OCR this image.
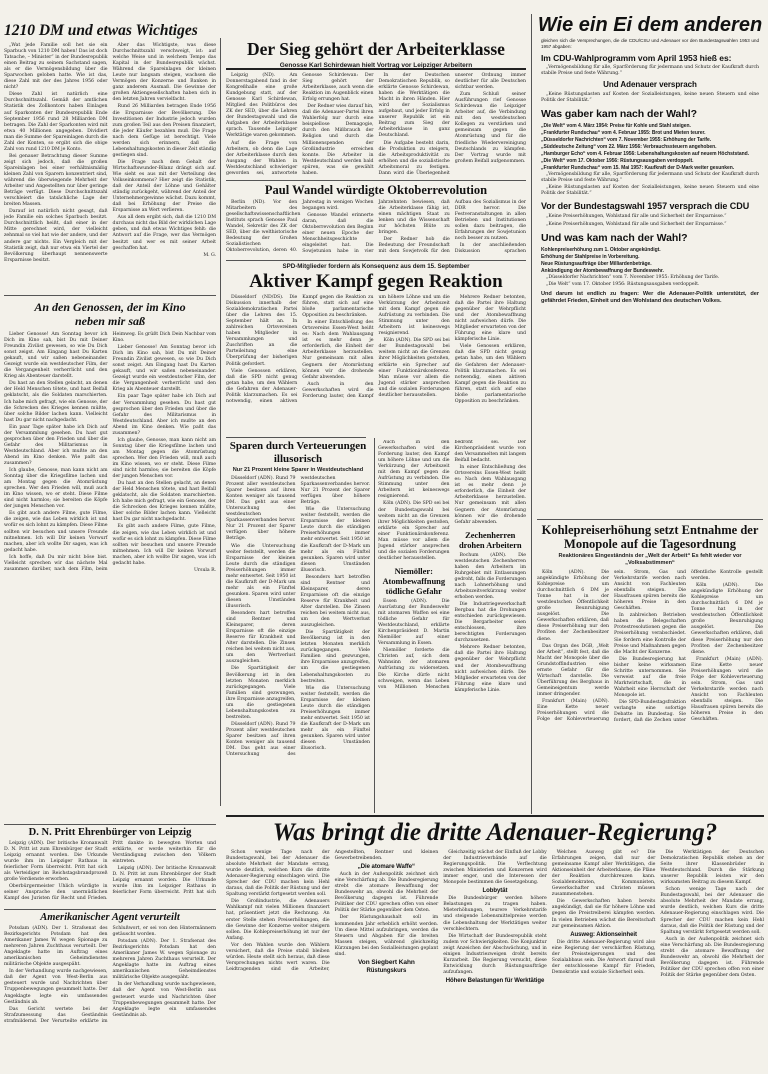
1210 DM und etwas Wichtiges

„Wat jede Familie soll het sie ein Sparbuch von 1210 DM haben! Das ist doch Tatsache, – Minister“ in der Bundesrepublik einen Beitrag zu seinem Sachstand sagen, als er die Vermögensbildung über die Sparwochen geloben hatte. Wie ist das, diese Zahl mit der des Jahres 1956 oder nicht?

Diese Zahl ist natürlich eine Durchschnittszahl. Gemäß der amtlichen Statistik des Zollkontors haben Einlagen auf Sparkonten der Bundesrepublik Ende September 1956 rund 28 Milliarden DM betragen. Die Zahl der Sparkonten wird mit etwa 40 Millionen angegeben. Dividiert man die Summe der Spareinlagen durch die Zahl der Konten, so ergibt sich die obige Zahl von rund 1210 DM je Konto.

Bei genauer Betrachtung dieser Summe zeigt sich jedoch, daß die großen Spareinlagen bei einer verhältnismäßig kleinen Zahl von Sparern konzentriert sind, während die überwiegende Mehrheit der Arbeiter und Angestellten nur über geringe Beträge verfügt. Diese Durchschnittszahl verschleiert die tatsächliche Lage der breiten Massen.

Darauf ist natürlich nicht gesagt, daß jede Familie ein solches Sparbuch besitzt. Durchschnittlich heißt, daß einer in der Mitte gerechnet wird, der vielleicht zehnmal so viel hat wie der andere, und der andere gar nichts. Ein Vergleich mit der Statistik zeigt, daß nur etwa ein Viertel der Bevölkerung überhaupt nennenswerte Ersparnisse besitzt.

Aber das Wichtigste, was diese Durchschnittszahl verschweigt, ist: auf welche Weise und in welchem Tempo das Kapital in der Bundesrepublik wächst. Während die Spareinlagen der kleinen Leute nur langsam steigen, wachsen die Vermögen der Konzerne und Banken in ganz anderem Ausmaß. Die Gewinne der großen Aktiengesellschaften haben sich in den letzten Jahren vervielfacht.

Rund 26 Milliarden betragen Ende 1956 die Ersparnisse der Bevölkerung. Die Investitionen der Industrie jedoch wurden zum großen Teil aus den Preisen finanziert, die jeder Käufer bezahlen muß. Die Frage nach dem Gefüge ist berechtigt. Viele werden sich erinnern, daß die Lebenshaltungskosten in dieser Zeit ständig gestiegen sind.

Die Frage nach dem Gehalt der Wirtschaftswunder-Bilanz drängt sich auf. Wie sieht es aus mit der Verteilung des Volkseinkommens? Hier zeigt die Statistik, daß der Anteil der Löhne und Gehälter ständig zurückgeht, während der Anteil der Unternehmergewinne wächst. Dazu kommt, daß bei Erhöhung der Preise die Ersparnisse an Wert verlieren.

Aus all dem ergibt sich, daß die 1210 DM durchaus nicht das Bild der wirklichen Lage geben, und daß etwas Wichtiges fehlt: die Antwort auf die Frage, wer das Vermögen besitzt und wer es mit seiner Arbeit geschaffen hat.

M. G.

An den Genossen, der im Kino neben mir saß

Lieber Genosse! Am Sonntag bevor ich Dich im Kino sah, bist Du mit Deiner Freundin Zivilist gewesen, so wie Du Dich sonst zeigst. Am Eingang hast Du Karten gekauft, und wir saßen nebeneinander. Gezeigt wurde ein westdeutscher Film, der die Vergangenheit verherrlicht und den Krieg als Abenteuer darstellt.

Du hast an den Stellen gelacht, an denen der Held Menschen tötete, und hast Beifall geklatscht, als die Soldaten marschierten. Ich habe mich gefragt, wie ein Genosse, der die Schrecken des Krieges kennen müßte, über solche Bilder lachen kann. Vielleicht hast Du gar nicht nachgedacht.

Ein paar Tage später habe ich Dich auf der Versammlung gesehen. Du hast gut gesprochen über den Frieden und über die Gefahr des Militarismus in Westdeutschland. Aber ich mußte an den Abend im Kino denken. Wie paßt das zusammen?

Ich glaube, Genosse, man kann nicht am Sonntag über die Kriegsfilme lachen und am Montag gegen die Atomrüstung sprechen. Wer den Frieden will, muß auch im Kino wissen, wo er steht. Diese Filme sind nicht harmlos; sie bereiten die Köpfe der jungen Menschen vor.

Es gibt auch andere Filme, gute Filme, die zeigen, wie das Leben wirklich ist und wofür es sich lohnt zu kämpfen. Diese Filme sollten wir besuchen und unsere Freunde mitnehmen. Ich will Dir keinen Vorwurf machen, aber ich wollte Dir sagen, was ich gedacht habe.

Ich hoffe, daß Du mir nicht böse bist. Vielleicht sprechen wir das nächste Mal zusammen darüber, nach dem Film, beim Heimweg. Es grüßt Dich Dein Nachbar vom Kino.

Lieber Genosse! Am Sonntag bevor ich Dich im Kino sah, bist Du mit Deiner Freundin Zivilist gewesen, so wie Du Dich sonst zeigst. Am Eingang hast Du Karten gekauft, und wir saßen nebeneinander. Gezeigt wurde ein westdeutscher Film, der die Vergangenheit verherrlicht und den Krieg als Abenteuer darstellt.

Ein paar Tage später habe ich Dich auf der Versammlung gesehen. Du hast gut gesprochen über den Frieden und über die Gefahr des Militarismus in Westdeutschland. Aber ich mußte an den Abend im Kino denken. Wie paßt das zusammen?

Ich glaube, Genosse, man kann nicht am Sonntag über die Kriegsfilme lachen und am Montag gegen die Atomrüstung sprechen. Wer den Frieden will, muß auch im Kino wissen, wo er steht. Diese Filme sind nicht harmlos; sie bereiten die Köpfe der jungen Menschen vor.

Du hast an den Stellen gelacht, an denen der Held Menschen tötete, und hast Beifall geklatscht, als die Soldaten marschierten. Ich habe mich gefragt, wie ein Genosse, der die Schrecken des Krieges kennen müßte, über solche Bilder lachen kann. Vielleicht hast Du gar nicht nachgedacht.

Es gibt auch andere Filme, gute Filme, die zeigen, wie das Leben wirklich ist und wofür es sich lohnt zu kämpfen. Diese Filme sollten wir besuchen und unsere Freunde mitnehmen. Ich will Dir keinen Vorwurf machen, aber ich wollte Dir sagen, was ich gedacht habe.

Ursula R.

D. N. Pritt Ehrenbürger von Leipzig

Leipzig (ADN). Der britische Kronanwalt D. N. Pritt ist zum Ehrenbürger der Stadt Leipzig ernannt worden. Die Urkunde wurde ihm im Leipziger Rathaus in feierlicher Form überreicht. Pritt hat sich als Verteidiger im Reichstagsbrandprozeß große Verdienste erworben.

Oberbürgermeister Uhlich würdigte in seiner Ansprache den unermüdlichen Kampf des Juristen für Recht und Frieden. Pritt dankte in bewegten Worten und erklärte, er werde weiterhin für die Verständigung zwischen den Völkern eintreten.

Leipzig (ADN). Der britische Kronanwalt D. N. Pritt ist zum Ehrenbürger der Stadt Leipzig ernannt worden. Die Urkunde wurde ihm im Leipziger Rathaus in feierlicher Form überreicht. Pritt hat sich

Amerikanischer Agent verurteilt

Potsdam (ADN). Der 1. Strafsenat des Bezirksgerichts Potsdam hat den Amerikaner James W. wegen Spionage zu mehreren Jahren Zuchthaus verurteilt. Der Angeklagte hatte im Auftrag eines amerikanischen Geheimdienstes militärische Objekte ausgespäht.

In der Verhandlung wurde nachgewiesen, daß der Agent von West-Berlin aus gesteuert wurde und Nachrichten über Truppenbewegungen gesammelt hatte. Der Angeklagte legte ein umfassendes Geständnis ab.

Das Gericht wertete bei der Strafzumessung das Geständnis strafmildernd. Der Verurteilte erklärte im Schlußwort, er sei von den Hintermännern getäuscht worden.

Potsdam (ADN). Der 1. Strafsenat des Bezirksgerichts Potsdam hat den Amerikaner James W. wegen Spionage zu mehreren Jahren Zuchthaus verurteilt. Der Angeklagte hatte im Auftrag eines amerikanischen Geheimdienstes militärische Objekte ausgespäht.

In der Verhandlung wurde nachgewiesen, daß der Agent von West-Berlin aus gesteuert wurde und Nachrichten über Truppenbewegungen gesammelt hatte. Der Angeklagte legte ein umfassendes Geständnis ab.

Der Sieg gehört der Arbeiterklasse

Genosse Karl Schirdewan hielt Vortrag vor Leipziger Arbeitern

Leipzig (ND). Am Donnerstagabend fand in der Kongreßhalle eine große Kundgebung statt, auf der Genosse Karl Schirdewan, Mitglied des Politbüros des ZK der SED, über die Lehren der Bundestagswahl und die Aufgaben der Arbeiterklasse sprach. Tausende Leipziger Werktätige waren gekommen.

Auf die Frage von Arbeitern, ob denn die Lage der Arbeiterklasse durch den Ausgang der Wahlen in Westdeutschland schwieriger geworden sei, antwortete Genosse Schirdewan: Der Sieg gehört der Arbeiterklasse, auch wenn die Reaktion im Augenblick einen Erfolg errungen hat.

Der Redner wies darauf hin, daß die Adenauer-Partei ihren Wahlerfolg nur durch eine beispiellose Demagogie, durch den Mißbrauch der Religion und durch die Millionenspenden der Großindustrie erreichen konnte. Die Arbeiter in Westdeutschland werden bald spüren, was sie gewählt haben.

In der Deutschen Demokratischen Republik, so erklärte Genosse Schirdewan, haben die Werktätigen die Macht in ihren Händen. Hier wird der Sozialismus aufgebaut, und jeder Erfolg in unserer Republik ist ein Beitrag zum Sieg der Arbeiterklasse in ganz Deutschland.

Die Aufgabe besteht darin, die Produktion zu steigern, die Arbeitsproduktivität zu erhöhen und die sozialistische Arbeitsmoral zu festigen. Dann wird die Überlegenheit unserer Ordnung immer deutlicher für alle Deutschen sichtbar werden.

Zum Schluß seiner Ausführungen rief Genosse Schirdewan die Leipziger Arbeiter auf, die Verbindung mit den westdeutschen Kollegen zu verstärken und gemeinsam gegen die Atomrüstung und für die friedliche Wiedervereinigung Deutschlands zu kämpfen. Der Vortrag wurde mit großem Beifall aufgenommen.

Paul Wandel würdigte Oktoberrevolution

Berlin (ND). Vor den Mitarbeitern des gesellschaftswissenschaftlichen Instituts sprach Genosse Paul Wandel, Sekretär des ZK der SED, über die welthistorische Bedeutung der Großen Sozialistischen Oktoberrevolution, deren 40. Jahrestag in wenigen Wochen begangen wird.

Genosse Wandel erinnerte daran, daß die Oktoberrevolution den Beginn einer neuen Epoche der Menschheitsgeschichte eingeleitet hat. Die Sowjetunion habe in vier Jahrzehnten bewiesen, daß die Arbeiterklasse fähig ist, einen mächtigen Staat zu lenken und die Wissenschaft zur höchsten Blüte zu bringen.

Der Redner hob die Bedeutung der Freundschaft mit dem Sowjetvolk für den Aufbau des Sozialismus in der DDR hervor. Die Festveranstaltungen in allen Betrieben und Institutionen sollen dazu beitragen, die Erfahrungen der Sowjetunion noch besser zu nutzen.

In der anschließenden Diskussion sprachen

SPD-Mitglieder fordern als Konsequenz aus dem 15. September

Aktiver Kampf gegen Reaktion

Düsseldorf (ND/DS). Die Diskussion innerhalb der Sozialdemokratischen Partei über die Lehren des 15. September hält an. In zahlreichen Ortsvereinen haben Mitglieder in Versammlungen und Zuschriften an die Parteileitung eine Überprüfung der bisherigen Politik gefordert.

Viele Genossen erklären, daß die SPD nicht genug getan habe, um den Wählern die Gefahren der Adenauer-Politik klarzumachen. Es sei notwendig, einen aktiven Kampf gegen die Reaktion zu führen, statt sich auf eine bloße parlamentarische Opposition zu beschränken.

In einer Entschließung des Ortsvereins Essen-West heißt es: Nach dem Wahlausgang ist es mehr denn je erforderlich, die Einheit der Arbeiterklasse herzustellen. Nur gemeinsam mit allen Gegnern der Atomrüstung können wir die drohende Gefahr abwenden.

Auch in den Gewerkschaften wird die Forderung lauter, den Kampf um höhere Löhne und um die Verkürzung der Arbeitszeit mit dem Kampf gegen die Aufrüstung zu verbinden. Die Stimmung unter den Arbeitern ist keineswegs resignierend.

Köln (ADN). Die SPD sei bei der Bundestagswahl bei weitem nicht an die Grenzen ihrer Möglichkeiten gestoßen, erklärte ein Sprecher auf einer Funktionärskonferenz. Man müsse vor allem die Jugend stärker ansprechen und die sozialen Forderungen deutlicher herausstellen.

Mehrere Redner betonten, daß die Partei ihre Haltung gegenüber der Wehrpflicht und der Atombewaffnung nicht aufweichen dürfe. Die Mitglieder erwarteten von der Führung eine klare und kämpferische Linie.

Viele Genossen erklären, daß die SPD nicht genug getan habe, um den Wählern die Gefahren der Adenauer-Politik klarzumachen. Es sei notwendig, einen aktiven Kampf gegen die Reaktion zu führen, statt sich auf eine bloße parlamentarische Opposition zu beschränken.

Sparen durch Verteuerungen illusorisch

Nur 21 Prozent kleine Sparer in Westdeutschland

Düsseldorf (ADN). Rund 79 Prozent aller westdeutschen Sparer besitzen auf ihren Konten weniger als tausend DM. Das geht aus einer Untersuchung des westdeutschen Sparkassenverbandes hervor. Nur 21 Prozent der Sparer verfügen über höhere Beträge.

Wie die Untersuchung weiter feststellt, werden die Ersparnisse der kleinen Leute durch die ständigen Preiserhöhungen immer mehr entwertet. Seit 1950 ist die Kaufkraft der D-Mark um mehr als ein Fünftel gesunken. Sparen wird unter diesen Umständen illusorisch.

Besonders hart betroffen sind Rentner und Kleinsparer, deren Ersparnisse oft die einzige Reserve für Krankheit und Alter darstellen. Die Zinsen reichen bei weitem nicht aus, um den Wertverlust auszugleichen.

Die Spartätigkeit der Bevölkerung ist in den letzten Monaten merklich zurückgegangen. Viele Familien sind gezwungen, ihre Ersparnisse anzugreifen, um die gestiegenen Lebenshaltungskosten zu bestreiten.

Düsseldorf (ADN). Rund 79 Prozent aller westdeutschen Sparer besitzen auf ihren Konten weniger als tausend DM. Das geht aus einer Untersuchung des westdeutschen Sparkassenverbandes hervor. Nur 21 Prozent der Sparer verfügen über höhere Beträge.

Wie die Untersuchung weiter feststellt, werden die Ersparnisse der kleinen Leute durch die ständigen Preiserhöhungen immer mehr entwertet. Seit 1950 ist die Kaufkraft der D-Mark um mehr als ein Fünftel gesunken. Sparen wird unter diesen Umständen illusorisch.

Besonders hart betroffen sind Rentner und Kleinsparer, deren Ersparnisse oft die einzige Reserve für Krankheit und Alter darstellen. Die Zinsen reichen bei weitem nicht aus, um den Wertverlust auszugleichen.

Die Spartätigkeit der Bevölkerung ist in den letzten Monaten merklich zurückgegangen. Viele Familien sind gezwungen, ihre Ersparnisse anzugreifen, um die gestiegenen Lebenshaltungskosten zu bestreiten.

Wie die Untersuchung weiter feststellt, werden die Ersparnisse der kleinen Leute durch die ständigen Preiserhöhungen immer mehr entwertet. Seit 1950 ist die Kaufkraft der D-Mark um mehr als ein Fünftel gesunken. Sparen wird unter diesen Umständen illusorisch.

Auch in den Gewerkschaften wird die Forderung lauter, den Kampf um höhere Löhne und um die Verkürzung der Arbeitszeit mit dem Kampf gegen die Aufrüstung zu verbinden. Die Stimmung unter den Arbeitern ist keineswegs resignierend.

Köln (ADN). Die SPD sei bei der Bundestagswahl bei weitem nicht an die Grenzen ihrer Möglichkeiten gestoßen, erklärte ein Sprecher auf einer Funktionärskonferenz. Man müsse vor allem die Jugend stärker ansprechen und die sozialen Forderungen deutlicher herausstellen.

Niemöller: Atombewaffnung tödliche Gefahr

Essen (ADN). Die Ausrüstung der Bundeswehr mit atomaren Waffen sei eine tödliche Gefahr für Westdeutschland, erklärte Kirchenpräsident D. Martin Niemöller auf einer Versammlung in Essen.

Niemöller forderte die Christen auf, sich dem Wahnsinn der atomaren Aufrüstung zu widersetzen. Die Kirche dürfe nicht schweigen, wenn das Leben von Millionen Menschen bedroht sei. Der Kirchenpräsident wurde von den Versammelten mit langem Beifall bedacht.

In einer Entschließung des Ortsvereins Essen-West heißt es: Nach dem Wahlausgang ist es mehr denn je erforderlich, die Einheit der Arbeiterklasse herzustellen. Nur gemeinsam mit allen Gegnern der Atomrüstung können wir die drohende Gefahr abwenden.

Zechenherren drohen Arbeitern

Bochum (ADN). Die westdeutschen Zechenherren haben den Arbeitern im Ruhrgebiet mit Entlassungen gedroht, falls die Forderungen nach Lohnerhöhung und Arbeitszeitverkürzung weiter erhoben werden.

Die Industriegewerkschaft Bergbau hat die Drohungen entschieden zurückgewiesen. Die Bergarbeiter seien entschlossen, ihre berechtigten Forderungen durchzusetzen.

Mehrere Redner betonten, daß die Partei ihre Haltung gegenüber der Wehrpflicht und der Atombewaffnung nicht aufweichen dürfe. Die Mitglieder erwarteten von der Führung eine klare und kämpferische Linie.

Wie ein Ei dem anderen

gleichen sich die Versprechungen, die die CDU/CSU und Adenauer vor den Bundestagswahlen 1953 und 1957 abgaben:

Im CDU-Wahlprogramm vom April 1953 hieß es:

„Vermögensbildung für alle, Sparförderung für jedermann und Schutz der Kaufkraft durch stabile Preise und feste Währung.“

Und Adenauer versprach

„Keine Rüstungslasten auf Kosten der Sozialleistungen, keine neuen Steuern und eine Politik der Stabilität.“

Was gaber kam nach der Wahl?

„Die Welt“ vom 4. März 1954: Preise für Kohle und Stahl steigen.

„Frankfurter Rundschau“ vom 4. Februar 1955: Brot und Mieten teurer.

„Düsseldorfer Nachrichten“ vom 7. November 1955: Erhöhung der Tarife.

„Süddeutsche Zeitung“ vom 22. März 1956: Verbrauchssteuern angehoben.

„Hamburger Echo“ vom 4. Februar 1956: Lebenshaltungskosten auf neuem Höchststand.

„Die Welt“ vom 17. Oktober 1956: Rüstungsausgaben verdoppelt.

„Frankfurter Rundschau“ vom 15. Mai 1957: Kaufkraft der D-Mark weiter gesunken.

„Vermögensbildung für alle, Sparförderung für jedermann und Schutz der Kaufkraft durch stabile Preise und feste Währung.“

„Keine Rüstungslasten auf Kosten der Sozialleistungen, keine neuen Steuern und eine Politik der Stabilität.“

Vor der Bundestagswahl 1957 versprach die CDU

„Keine Preiserhöhungen, Wohlstand für alle und Sicherheit der Ersparnisse.“

„Keine Preiserhöhungen, Wohlstand für alle und Sicherheit der Ersparnisse.“

Und was kam nach der Wahl?

Kohlenpreiserhöhung zum 1. Oktober angekündigt.

Erhöhung der Stahlpreise in Vorbereitung.

Neue Rüstungsaufträge über Milliardenbeträge.

Ankündigung der Atombewaffnung der Bundeswehr.

„Düsseldorfer Nachrichten“ vom 7. November 1955: Erhöhung der Tarife.

„Die Welt“ vom 17. Oktober 1956: Rüstungsausgaben verdoppelt.

Und darum ist endlich zu fragen: Wer die Adenauer-Politik unterstützt, der gefährdet Frieden, Einheit und den Wohlstand des deutschen Volkes.

Kohlepreiserhöhung setzt Entnahme der Monopole auf die Tagesordnung

Reaktionäres Eingeständnis der „Welt der Arbeit“ Es fehlt wieder vor „Volksabstimmen“

Köln (ADN). Die angekündigte Erhöhung der Kohlepreise um durchschnittlich 6 DM je Tonne hat in der westdeutschen Öffentlichkeit große Beunruhigung ausgelöst. Die Gewerkschaften erklären, daß diese Preiserhöhung nur den Profiten der Zechenbesitzer diene.

Das Organ des DGB, „Welt der Arbeit“, stellt fest, daß die Macht der Monopole über die Grundstoffindustrien eine ernste Gefahr für die Wirtschaft darstelle. Die Überführung des Bergbaus in Gemeineigentum werde immer dringender.

Frankfurt (Main) (ADN). Eine Kette neuer Preiserhöhungen wird die Folge der Kohleverteuerung sein. Strom, Gas und Verkehrstarife werden nach Ansicht von Fachleuten ebenfalls steigen. Die Hausfrauen spüren bereits die höheren Preise in den Geschäften.

In zahlreichen Betrieben haben die Belegschaften Protestresolutionen gegen die Preiserhöhung verabschiedet. Sie fordern eine Kontrolle der Preise und Maßnahmen gegen die Macht der Konzerne.

Die Bundesregierung hat bisher keine wirksamen Schritte unternommen. Sie verweist auf die freie Marktwirtschaft, die in Wahrheit eine Herrschaft der Monopole ist.

Die SPD-Bundestagsfraktion verlangte eine sofortige Debatte im Bundestag. Sie fordert, daß die Zechen unter öffentliche Kontrolle gestellt werden.

Köln (ADN). Die angekündigte Erhöhung der Kohlepreise um durchschnittlich 6 DM je Tonne hat in der westdeutschen Öffentlichkeit große Beunruhigung ausgelöst. Die Gewerkschaften erklären, daß diese Preiserhöhung nur den Profiten der Zechenbesitzer diene.

Frankfurt (Main) (ADN). Eine Kette neuer Preiserhöhungen wird die Folge der Kohleverteuerung sein. Strom, Gas und Verkehrstarife werden nach Ansicht von Fachleuten ebenfalls steigen. Die Hausfrauen spüren bereits die höheren Preise in den Geschäften.

Was bringt die dritte Adenauer-Regierung?

Schon wenige Tage nach der Bundestagswahl, bei der Adenauer die absolute Mehrheit der Mandate errang, wurde deutlich, welchen Kurs die dritte Adenauer-Regierung einschlagen wird. Die Sprecher der CDU machen kein Hehl daraus, daß die Politik der Rüstung und der Spaltung verstärkt fortgesetzt werden soll.

Die Großindustrie, die Adenauers Wahlkampf mit vielen Millionen finanziert hat, präsentiert jetzt die Rechnung. An erster Stelle stehen Preiserhöhungen, die die Gewinne der Konzerne weiter steigern sollen. Die Kohlepreiserhöhung ist nur der Anfang.

Vor den Wahlen wurde den Wählern versichert, daß die Preise stabil bleiben würden. Heute stellt sich heraus, daß diese Versprechungen nichts wert waren. Die Leidtragenden sind die Arbeiter, Angestellten, Rentner und kleinen Gewerbetreibenden.

„Die atomare Waffe“

Auch in der Außenpolitik zeichnet sich eine Verschärfung ab. Die Bundesregierung strebt die atomare Bewaffnung der Bundeswehr an, obwohl die Mehrheit der Bevölkerung dagegen ist. Führende Politiker der CDU sprechen offen von einer Politik der Stärke gegenüber dem Osten.

Der Rüstungshaushalt soll im kommenden Jahr erheblich erhöht werden. Um diese Mittel aufzubringen, werden die Steuern und Abgaben für die breiten Massen steigen, während gleichzeitig Kürzungen bei den Sozialleistungen geplant sind.

Von Siegbert Kahn

Rüstungskurs

Gleichzeitig wächst der Einfluß der Lobby der Industrieverbände auf die Regierungspolitik. Die Verflechtung zwischen Ministerien und Konzernen wird immer enger, und die Interessen der Monopole bestimmen die Gesetzgebung.

Lobbytät

Die Bundesbürger werden höhere Belastungen zu tragen haben. Mieterhöhungen, teurere Verkehrstarife und steigende Lebensmittelpreise werden die Lebenshaltung der Werktätigen weiter verschlechtern.

Die Wirtschaft der Bundesrepublik steht zudem vor Schwierigkeiten. Die Konjunktur zeigt Anzeichen der Abschwächung, und in einigen Industriezweigen droht bereits Kurzarbeit. Die Regierung versucht, diese Entwicklung durch Rüstungsaufträge aufzufangen.

Höhere Belastungen für Werktätige

Welchen Ausweg gibt es? Die Erfahrungen zeigen, daß nur der gemeinsame Kampf aller Werktätigen, die Aktionseinheit der Arbeiterklasse, die Pläne der Reaktion durchkreuzen kann. Sozialdemokraten, Kommunisten, Gewerkschafter und Christen müssen zusammenstehen.

Die Gewerkschaften haben bereits angekündigt, daß sie für höhere Löhne und gegen die Preistreiberei kämpfen werden. In vielen Betrieben wächst die Bereitschaft zur gemeinsamen Aktion.

Ausweg: Aktionseinheit

Die dritte Adenauer-Regierung wird also eine Regierung der verschärften Rüstung, der Preissteigerungen und des Sozialabbaus sein. Die Antwort darauf muß der entschlossene Kampf für Frieden, Demokratie und soziale Sicherheit sein.

Die Werktätigen der Deutschen Demokratischen Republik stehen an der Seite ihrer Klassenbrüder in Westdeutschland. Durch die Stärkung unserer Republik leisten wir den wirksamsten Beitrag zu diesem Kampf.

Schon wenige Tage nach der Bundestagswahl, bei der Adenauer die absolute Mehrheit der Mandate errang, wurde deutlich, welchen Kurs die dritte Adenauer-Regierung einschlagen wird. Die Sprecher der CDU machen kein Hehl daraus, daß die Politik der Rüstung und der Spaltung verstärkt fortgesetzt werden soll.

Auch in der Außenpolitik zeichnet sich eine Verschärfung ab. Die Bundesregierung strebt die atomare Bewaffnung der Bundeswehr an, obwohl die Mehrheit der Bevölkerung dagegen ist. Führende Politiker der CDU sprechen offen von einer Politik der Stärke gegenüber dem Osten.
